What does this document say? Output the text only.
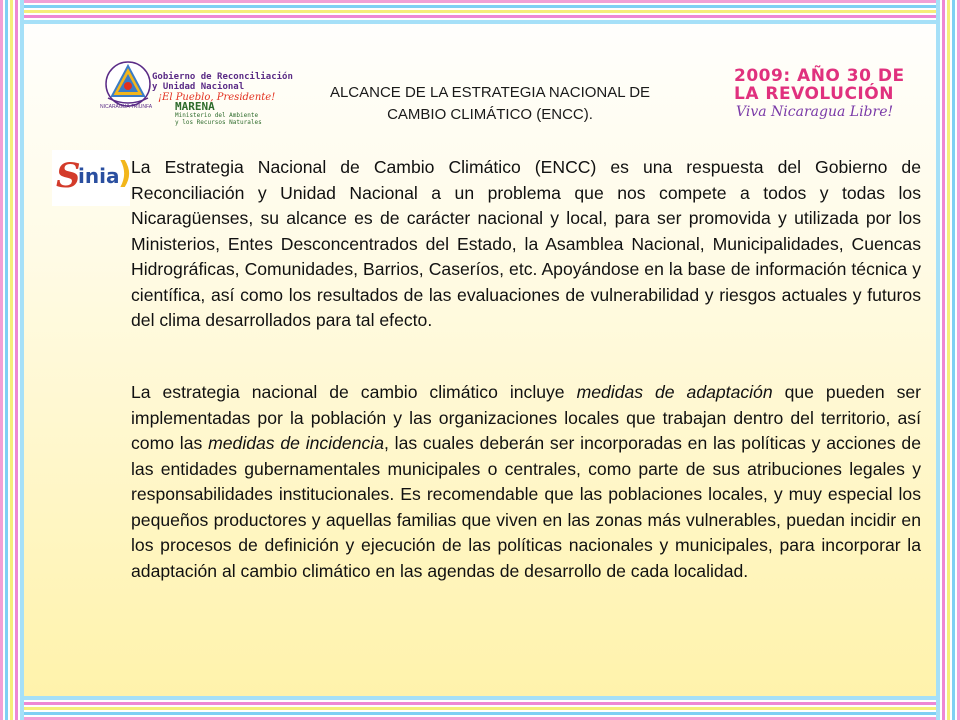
NICARAGUA TRIUNFA
Gobierno de Reconciliación
y Unidad Nacional
¡El Pueblo, Presidente!
MARENA
Ministerio del Ambiente
y los Recursos Naturales
ALCANCE DE LA ESTRATEGIA NACIONAL DE
CAMBIO CLIMÁTICO (ENCC).
2009: AÑO 30 DE
LA REVOLUCIÓN
Viva Nicaragua Libre!
S
inia
) La Estrategia Nacional de Cambio Climático (ENCC) es una respuesta del Gobierno de Reconciliación y Unidad Nacional a un problema que nos compete a todos y todas los Nicaragüenses, su alcance es de carácter nacional y local, para ser promovida y utilizada por los Ministerios, Entes Desconcentrados del Estado, la Asamblea Nacional, Municipalidades, Cuencas Hidrográficas, Comunidades, Barrios, Caseríos, etc. Apoyándose en la base de información técnica y científica, así como los resultados de las evaluaciones de vulnerabilidad y riesgos actuales y futuros del clima desarrollados para tal efecto.

La estrategia nacional de cambio climático incluye medidas de adaptación que pueden ser implementadas por la población y las organizaciones locales que trabajan dentro del territorio, así como las medidas de incidencia, las cuales deberán ser incorporadas en las políticas y acciones de las entidades gubernamentales municipales o centrales, como parte de sus atribuciones legales y responsabilidades institucionales. Es recomendable que las poblaciones locales, y muy especial los pequeños productores y aquellas familias que viven en las zonas más vulnerables, puedan incidir en los procesos de definición y ejecución de las políticas nacionales y municipales, para incorporar la adaptación al cambio climático en las agendas de desarrollo de cada localidad.
